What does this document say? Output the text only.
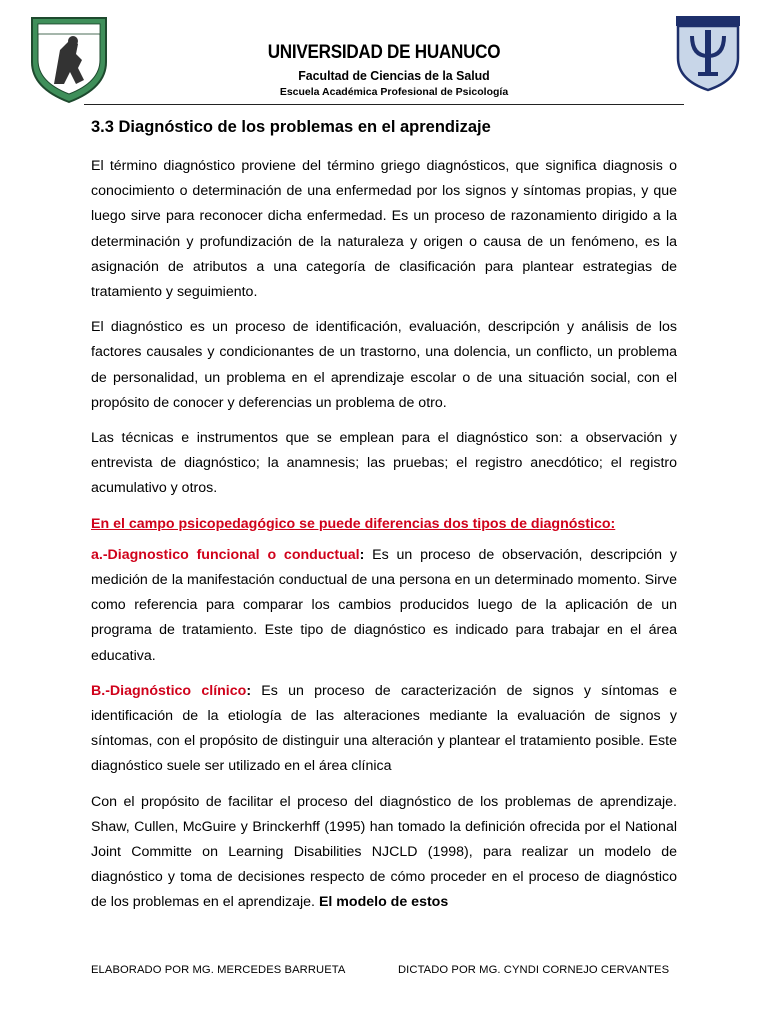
UNIVERSIDAD DE HUANUCO
Facultad de Ciencias de la Salud
Escuela Académica Profesional de Psicología
3.3 Diagnóstico de los problemas en el aprendizaje

El término diagnóstico proviene del término griego diagnósticos, que significa diagnosis o conocimiento o determinación de una enfermedad por los signos y síntomas propias, y que luego sirve para reconocer dicha enfermedad. Es un proceso de razonamiento dirigido a la determinación y profundización de la naturaleza y origen o causa de un fenómeno, es la asignación de atributos a una categoría de clasificación para plantear estrategias de tratamiento y seguimiento.

El diagnóstico es un proceso de identificación, evaluación, descripción y análisis de los factores causales y condicionantes de un trastorno, una dolencia, un conflicto, un problema de personalidad, un problema en el aprendizaje escolar o de una situación social, con el propósito de conocer y deferencias un problema de otro.

Las técnicas e instrumentos que se emplean para el diagnóstico son: a observación y entrevista de diagnóstico; la anamnesis; las pruebas; el registro anecdótico; el registro acumulativo y otros.

En el campo psicopedagógico se puede diferencias dos tipos de diagnóstico:

a.-Diagnostico funcional o conductual: Es un proceso de observación, descripción y medición de la manifestación conductual de una persona en un determinado momento. Sirve como referencia para comparar los cambios producidos luego de la aplicación de un programa de tratamiento. Este tipo de diagnóstico es indicado para trabajar en el área educativa.

B.-Diagnóstico clínico: Es un proceso de caracterización de signos y síntomas e identificación de la etiología de las alteraciones mediante la evaluación de signos y síntomas, con el propósito de distinguir una alteración y plantear el tratamiento posible. Este diagnóstico suele ser utilizado en el área clínica

Con el propósito de facilitar el proceso del diagnóstico de los problemas de aprendizaje. Shaw, Cullen, McGuire y Brinckerhff (1995) han tomado la definición ofrecida por el National Joint Committe on Learning Disabilities NJCLD (1998), para realizar un modelo de diagnóstico y toma de decisiones respecto de cómo proceder en el proceso de diagnóstico de los problemas en el aprendizaje. El modelo de estos

ELABORADO POR MG. MERCEDES BARRUETA	DICTADO POR MG. CYNDI CORNEJO CERVANTES
